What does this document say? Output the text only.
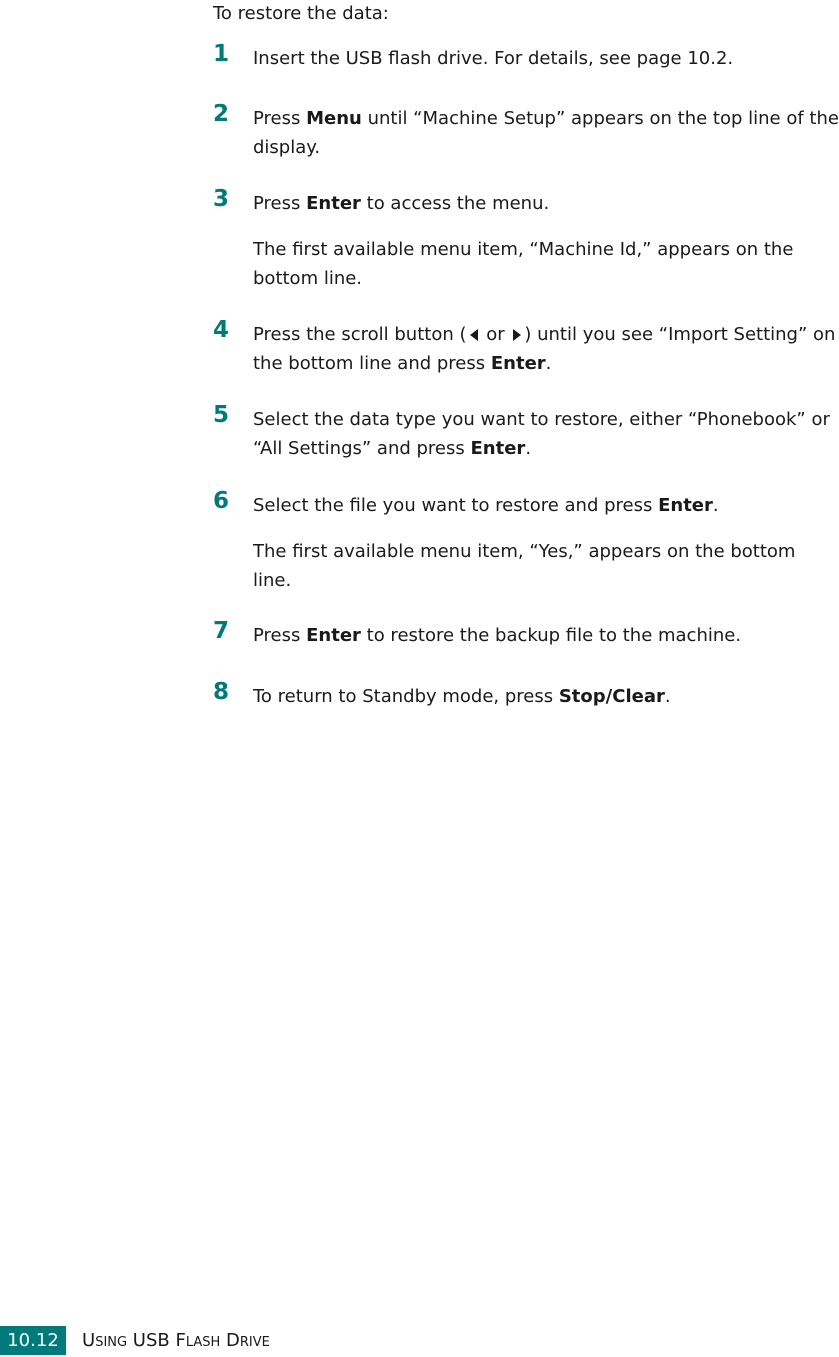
To restore the data:
1 Insert the USB flash drive. For details, see page 10.2.
2 Press Menu until “Machine Setup” appears on the top line of the display.
3 Press Enter to access the menu.
The first available menu item, “Machine Id,” appears on the bottom line.
4 Press the scroll button ( or ) until you see “Import Setting” on the bottom line and press Enter.
5 Select the data type you want to restore, either “Phonebook” or “All Settings” and press Enter.
6 Select the file you want to restore and press Enter.
The first available menu item, “Yes,” appears on the bottom line.
7 Press Enter to restore the backup file to the machine.
8 To return to Standby mode, press Stop/Clear.
10.12	USING USB FLASH DRIVE
